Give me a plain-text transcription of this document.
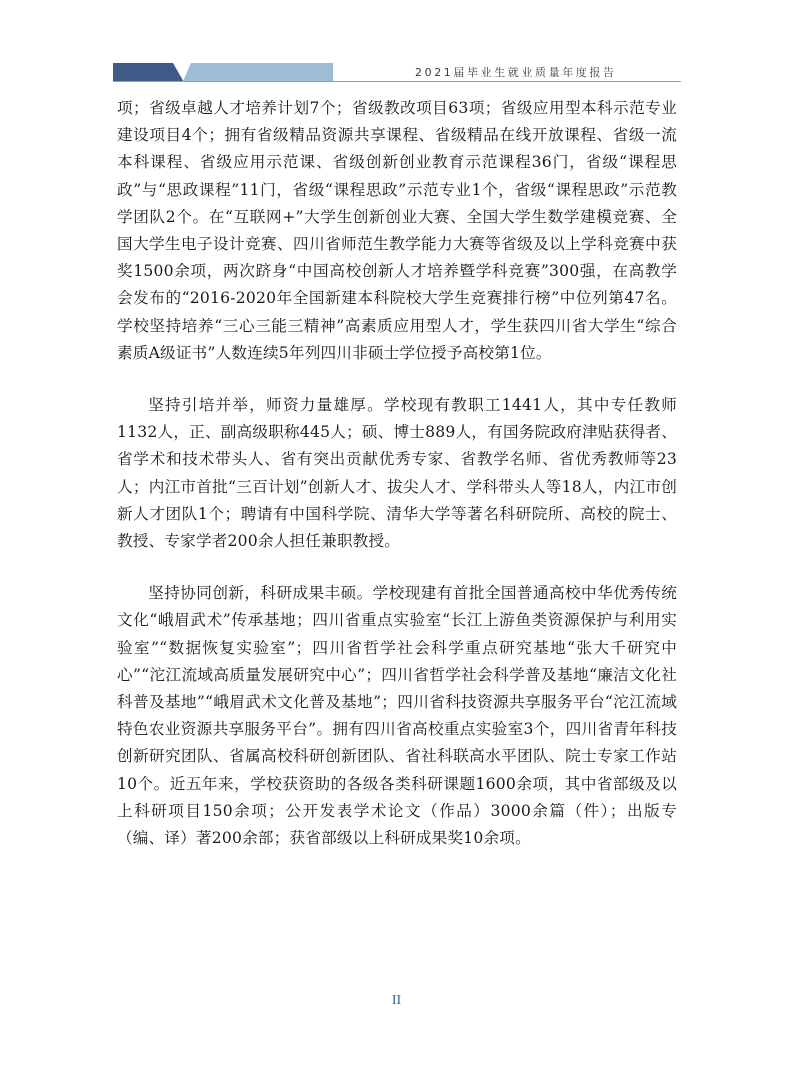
2021届毕业生就业质量年度报告

项；省级卓越人才培养计划7个；省级教改项目63项；省级应用型本科示范专业建设项目4个；拥有省级精品资源共享课程、省级精品在线开放课程、省级一流本科课程、省级应用示范课、省级创新创业教育示范课程36门，省级“课程思政”与“思政课程”11门，省级“课程思政”示范专业1个，省级“课程思政”示范教学团队2个。在“互联网+”大学生创新创业大赛、全国大学生数学建模竞赛、全国大学生电子设计竞赛、四川省师范生教学能力大赛等省级及以上学科竞赛中获奖1500余项，两次跻身“中国高校创新人才培养暨学科竞赛”300强，在高教学会发布的“2016-2020年全国新建本科院校大学生竞赛排行榜”中位列第47名。学校坚持培养“三心三能三精神”高素质应用型人才，学生获四川省大学生“综合素质A级证书”人数连续5年列四川非硕士学位授予高校第1位。

坚持引培并举，师资力量雄厚。学校现有教职工1441人，其中专任教师1132人，正、副高级职称445人；硕、博士889人，有国务院政府津贴获得者、省学术和技术带头人、省有突出贡献优秀专家、省教学名师、省优秀教师等23人；内江市首批“三百计划”创新人才、拔尖人才、学科带头人等18人，内江市创新人才团队1个；聘请有中国科学院、清华大学等著名科研院所、高校的院士、教授、专家学者200余人担任兼职教授。

坚持协同创新，科研成果丰硕。学校现建有首批全国普通高校中华优秀传统文化“峨眉武术”传承基地；四川省重点实验室“长江上游鱼类资源保护与利用实验室”“数据恢复实验室”；四川省哲学社会科学重点研究基地“张大千研究中心”“沱江流域高质量发展研究中心”；四川省哲学社会科学普及基地“廉洁文化社科普及基地”“峨眉武术文化普及基地”；四川省科技资源共享服务平台“沱江流域特色农业资源共享服务平台”。拥有四川省高校重点实验室3个，四川省青年科技创新研究团队、省属高校科研创新团队、省社科联高水平团队、院士专家工作站10个。近五年来，学校获资助的各级各类科研课题1600余项，其中省部级及以上科研项目150余项；公开发表学术论文（作品）3000余篇（件）；出版专（编、译）著200余部；获省部级以上科研成果奖10余项。

II
